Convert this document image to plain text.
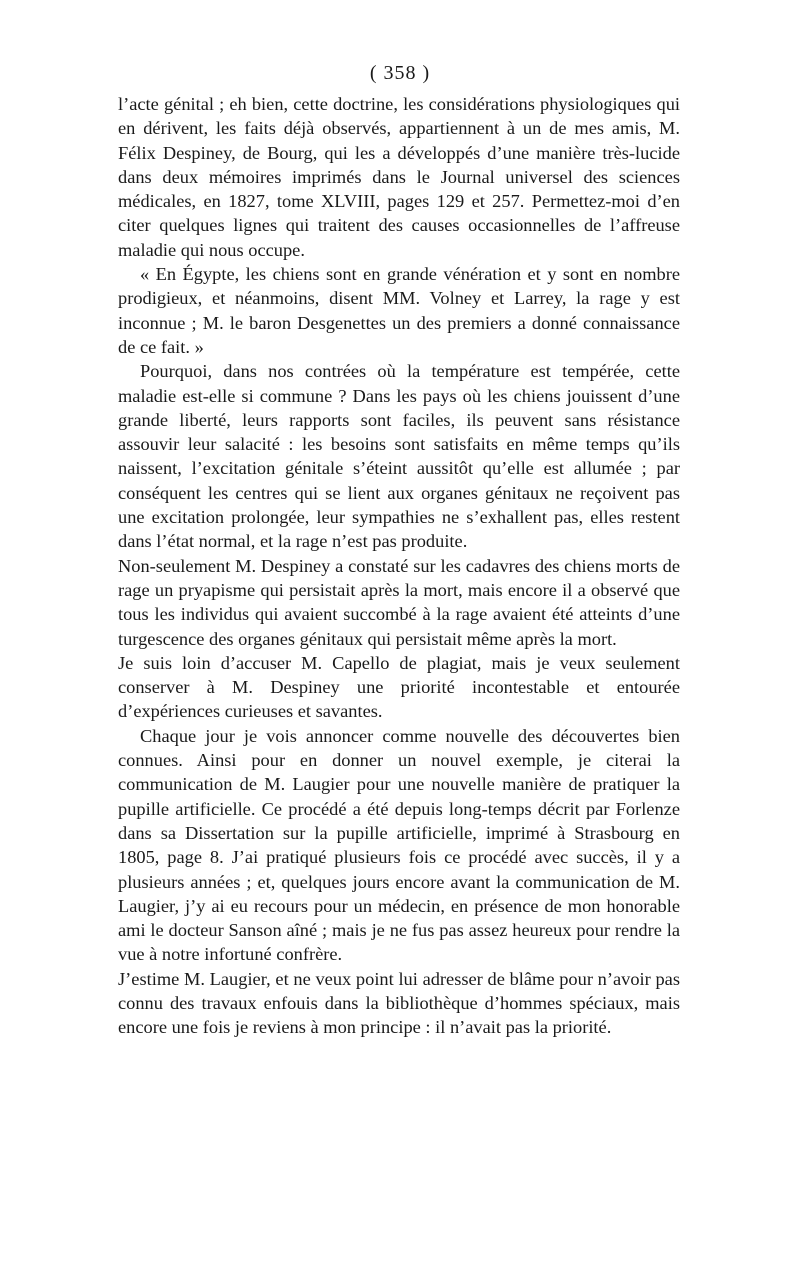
( 358 )

l’acte génital ; eh bien, cette doctrine, les considérations physiologiques qui en dérivent, les faits déjà observés, appartiennent à un de mes amis, M. Félix Despiney, de Bourg, qui les a développés d’une manière très-lucide dans deux mémoires imprimés dans le Journal universel des sciences médicales, en 1827, tome XLVIII, pages 129 et 257. Permettez-moi d’en citer quelques lignes qui traitent des causes occasionnelles de l’affreuse maladie qui nous occupe.

« En Égypte, les chiens sont en grande vénération et y sont en nombre prodigieux, et néanmoins, disent MM. Volney et Larrey, la rage y est inconnue ; M. le baron Desgenettes un des premiers a donné connaissance de ce fait. »

Pourquoi, dans nos contrées où la température est tempérée, cette maladie est-elle si commune ? Dans les pays où les chiens jouissent d’une grande liberté, leurs rapports sont faciles, ils peuvent sans résistance assouvir leur salacité : les besoins sont satisfaits en même temps qu’ils naissent, l’excitation génitale s’éteint aussitôt qu’elle est allumée ; par conséquent les centres qui se lient aux organes génitaux ne reçoivent pas une excitation prolongée, leur sympathies ne s’exhallent pas, elles restent dans l’état normal, et la rage n’est pas produite.

Non-seulement M. Despiney a constaté sur les cadavres des chiens morts de rage un pryapisme qui persistait après la mort, mais encore il a observé que tous les individus qui avaient succombé à la rage avaient été atteints d’une turgescence des organes génitaux qui persistait même après la mort.

Je suis loin d’accuser M. Capello de plagiat, mais je veux seulement conserver à M. Despiney une priorité incontestable et entourée d’expériences curieuses et savantes.

Chaque jour je vois annoncer comme nouvelle des découvertes bien connues. Ainsi pour en donner un nouvel exemple, je citerai la communication de M. Laugier pour une nouvelle manière de pratiquer la pupille artificielle. Ce procédé a été depuis long-temps décrit par Forlenze dans sa Dissertation sur la pupille artificielle, imprimé à Strasbourg en 1805, page 8. J’ai pratiqué plusieurs fois ce procédé avec succès, il y a plusieurs années ; et, quelques jours encore avant la communication de M. Laugier, j’y ai eu recours pour un médecin, en présence de mon honorable ami le docteur Sanson aîné ; mais je ne fus pas assez heureux pour rendre la vue à notre infortuné confrère.

J’estime M. Laugier, et ne veux point lui adresser de blâme pour n’avoir pas connu des travaux enfouis dans la bibliothèque d’hommes spéciaux, mais encore une fois je reviens à mon principe : il n’avait pas la priorité.
